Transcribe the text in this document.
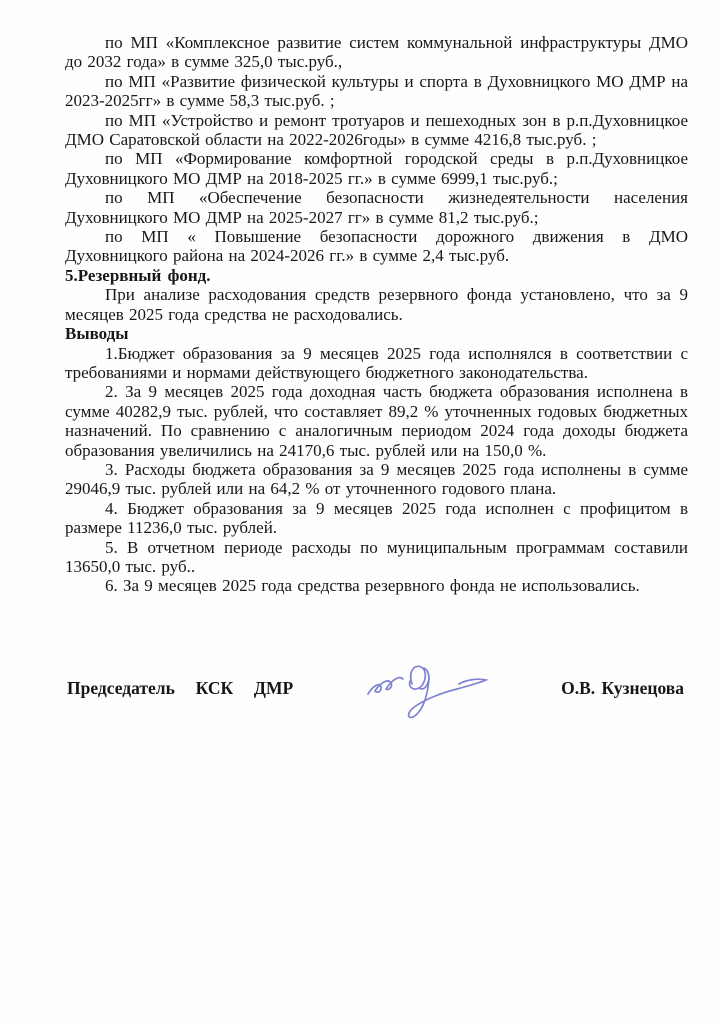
по МП «Комплексное развитие систем коммунальной инфраструктуры ДМО до 2032 года» в сумме 325,0 тыс.руб.,

по МП «Развитие физической культуры и спорта в Духовницкого МО ДМР на 2023-2025гг» в сумме 58,3 тыс.руб. ;

по МП «Устройство и ремонт тротуаров и пешеходных зон в р.п.Духовницкое ДМО Саратовской области на 2022-2026годы» в сумме 4216,8 тыс.руб. ;

по МП «Формирование комфортной городской среды в р.п.Духовницкое Духовницкого МО ДМР на 2018-2025 гг.» в сумме 6999,1 тыс.руб.;

по МП «Обеспечение безопасности жизнедеятельности населения Духовницкого МО ДМР на 2025-2027 гг» в сумме 81,2 тыс.руб.;

по МП « Повышение безопасности дорожного движения в ДМО Духовницкого района на 2024-2026 гг.» в сумме 2,4 тыс.руб.

5.Резервный фонд.

При анализе расходования средств резервного фонда установлено, что за 9 месяцев 2025 года средства не расходовались.

Выводы

1.Бюджет образования за 9 месяцев 2025 года исполнялся в соответствии с требованиями и нормами действующего бюджетного законодательства.

2. За 9 месяцев 2025 года доходная часть бюджета образования исполнена в сумме 40282,9 тыс. рублей, что составляет 89,2 % уточненных годовых бюджетных назначений. По сравнению с аналогичным периодом 2024 года доходы бюджета образования увеличились на 24170,6 тыс. рублей или на 150,0 %.

3. Расходы бюджета образования за 9 месяцев 2025 года исполнены в сумме 29046,9 тыс. рублей или на 64,2 % от уточненного годового плана.

4. Бюджет образования за 9 месяцев 2025 года исполнен с профицитом в размере 11236,0 тыс. рублей.

5. В отчетном периоде расходы по муниципальным программам составили 13650,0 тыс. руб..

6. За 9 месяцев 2025 года средства резервного фонда не использовались.

Председатель  КСК  ДМР	О.В. Кузнецова
